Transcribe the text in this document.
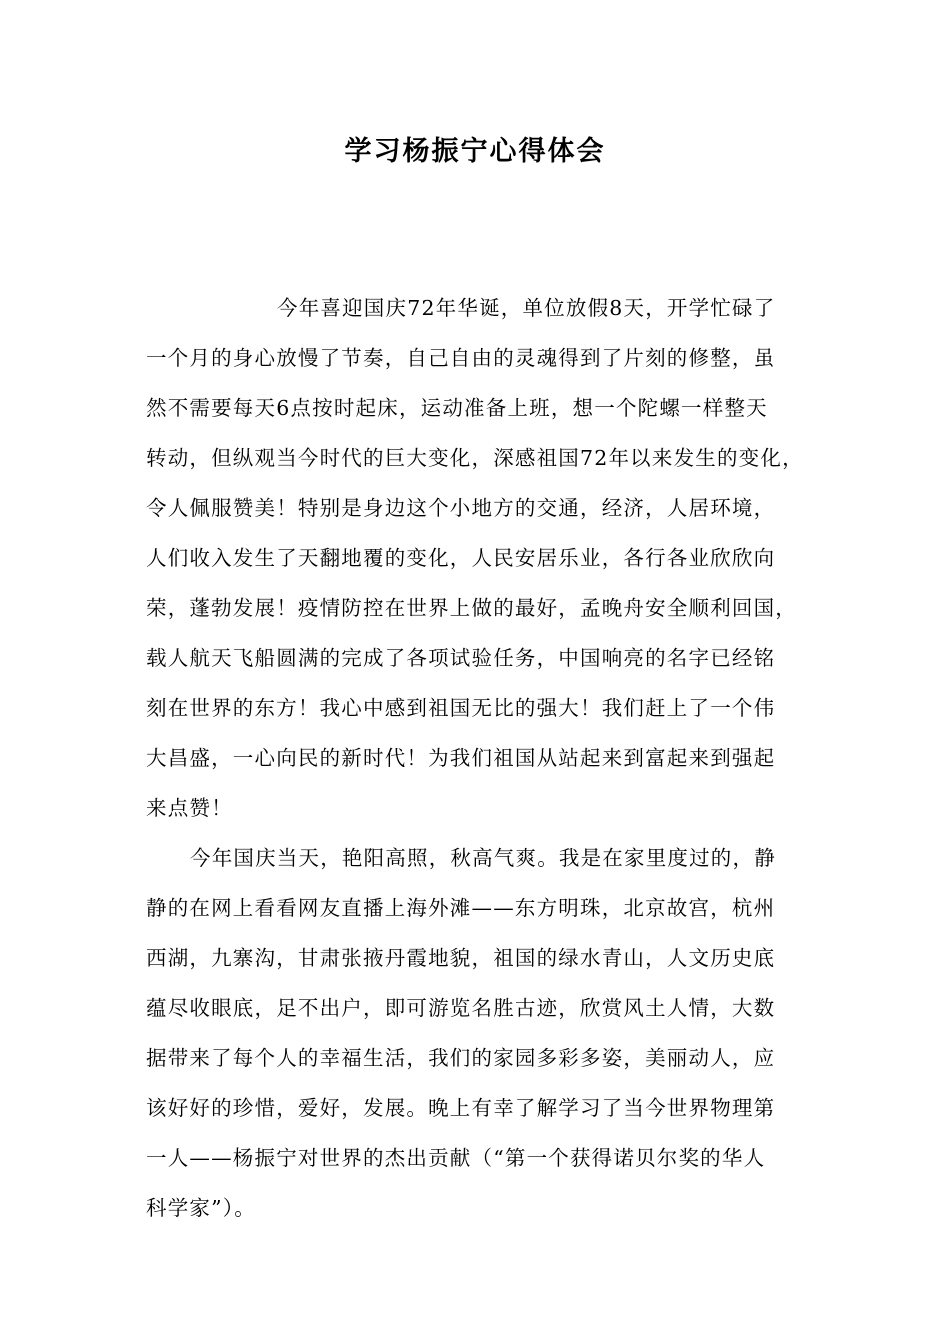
学习杨振宁心得体会
今年喜迎国庆72年华诞，单位放假8天，开学忙碌了
一个月的身心放慢了节奏，自己自由的灵魂得到了片刻的修整，虽
然不需要每天6点按时起床，运动准备上班，想一个陀螺一样整天
转动，但纵观当今时代的巨大变化，深感祖国72年以来发生的变化，
令人佩服赞美！特别是身边这个小地方的交通，经济，人居环境，
人们收入发生了天翻地覆的变化，人民安居乐业，各行各业欣欣向
荣，蓬勃发展！疫情防控在世界上做的最好，孟晚舟安全顺利回国，
载人航天飞船圆满的完成了各项试验任务，中国响亮的名字已经铭
刻在世界的东方！我心中感到祖国无比的强大！我们赶上了一个伟
大昌盛，一心向民的新时代！为我们祖国从站起来到富起来到强起
来点赞！
今年国庆当天，艳阳高照，秋高气爽。我是在家里度过的，静
静的在网上看看网友直播上海外滩——东方明珠，北京故宫，杭州
西湖，九寨沟，甘肃张掖丹霞地貌，祖国的绿水青山，人文历史底
蕴尽收眼底，足不出户，即可游览名胜古迹，欣赏风土人情，大数
据带来了每个人的幸福生活，我们的家园多彩多姿，美丽动人，应
该好好的珍惜，爱好，发展。晚上有幸了解学习了当今世界物理第
一人——杨振宁对世界的杰出贡献（“第一个获得诺贝尔奖的华人
科学家”）。
